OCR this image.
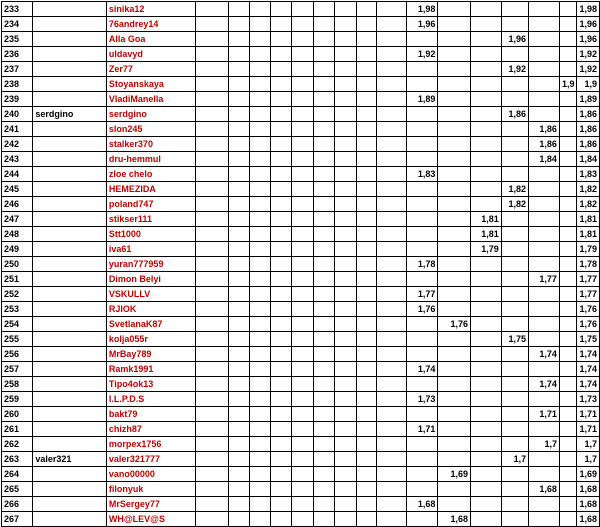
233		sinika12										1,98						1,98
234		76andrey14										1,96						1,96
235		Alla Goa													1,96			1,96
236		uldavyd										1,92						1,92
237		Zer77													1,92			1,92
238		Stoyanskaya															1,9	1,9
239		VladiManella										1,89						1,89
240	serdgino	serdgino													1,86			1,86
241		slon245														1,86		1,86
242		stalker370														1,86		1,86
243		dru-hemmul														1,84		1,84
244		zloe chelo										1,83						1,83
245		HEMEZIDA													1,82			1,82
246		poland747													1,82			1,82
247		stikser111												1,81				1,81
248		Stt1000												1,81				1,81
249		iva61												1,79				1,79
250		yuran777959										1,78						1,78
251		Dimon Belyi														1,77		1,77
252		VSKULLV										1,77						1,77
253		RJIOK										1,76						1,76
254		SvetlanaK87											1,76					1,76
255		kolja055r													1,75			1,75
256		MrBay789														1,74		1,74
257		Ramk1991										1,74						1,74
258		Tipo4ok13														1,74		1,74
259		I.L.P.D.S										1,73						1,73
260		bakt79														1,71		1,71
261		chizh87										1,71						1,71
262		morpex1756														1,7		1,7
263	valer321	valer321777													1,7			1,7
264		vano00000											1,69					1,69
265		filonyuk														1,68		1,68
266		MrSergey77										1,68						1,68
267		WH@LEV@S											1,68					1,68
